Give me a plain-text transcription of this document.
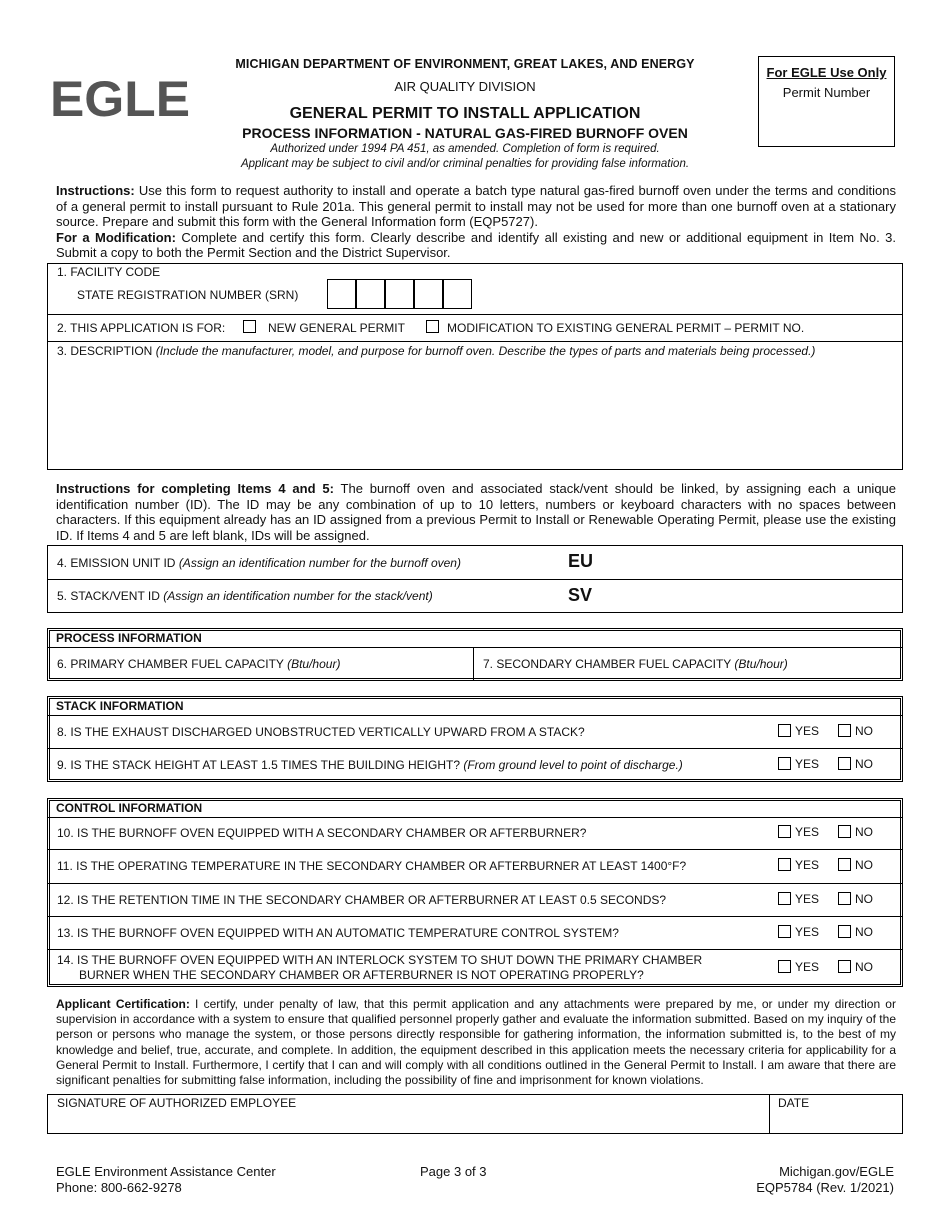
EGLE
MICHIGAN DEPARTMENT OF ENVIRONMENT, GREAT LAKES, AND ENERGY
AIR QUALITY DIVISION
GENERAL PERMIT TO INSTALL APPLICATION
PROCESS INFORMATION - NATURAL GAS-FIRED BURNOFF OVEN
Authorized under 1994 PA 451, as amended. Completion of form is required.
Applicant may be subject to civil and/or criminal penalties for providing false information.
For EGLE Use Only
Permit Number
Instructions: Use this form to request authority to install and operate a batch type natural gas-fired burnoff oven under the terms and conditions of a general permit to install pursuant to Rule 201a. This general permit to install may not be used for more than one burnoff oven at a stationary source. Prepare and submit this form with the General Information form (EQP5727).
For a Modification: Complete and certify this form. Clearly describe and identify all existing and new or additional equipment in Item No. 3. Submit a copy to both the Permit Section and the District Supervisor.
1. FACILITY CODE
STATE REGISTRATION NUMBER (SRN)
2. THIS APPLICATION IS FOR:	NEW GENERAL PERMIT	MODIFICATION TO EXISTING GENERAL PERMIT – PERMIT NO.
3. DESCRIPTION (Include the manufacturer, model, and purpose for burnoff oven. Describe the types of parts and materials being processed.)
Instructions for completing Items 4 and 5: The burnoff oven and associated stack/vent should be linked, by assigning each a unique identification number (ID). The ID may be any combination of up to 10 letters, numbers or keyboard characters with no spaces between characters. If this equipment already has an ID assigned from a previous Permit to Install or Renewable Operating Permit, please use the existing ID. If Items 4 and 5 are left blank, IDs will be assigned.
4. EMISSION UNIT ID (Assign an identification number for the burnoff oven)	EU
5. STACK/VENT ID (Assign an identification number for the stack/vent)	SV
PROCESS INFORMATION
6. PRIMARY CHAMBER FUEL CAPACITY (Btu/hour)	7. SECONDARY CHAMBER FUEL CAPACITY (Btu/hour)
STACK INFORMATION
8. IS THE EXHAUST DISCHARGED UNOBSTRUCTED VERTICALLY UPWARD FROM A STACK?	YES	NO
9. IS THE STACK HEIGHT AT LEAST 1.5 TIMES THE BUILDING HEIGHT? (From ground level to point of discharge.)	YES	NO
CONTROL INFORMATION
10. IS THE BURNOFF OVEN EQUIPPED WITH A SECONDARY CHAMBER OR AFTERBURNER?	YES	NO
11. IS THE OPERATING TEMPERATURE IN THE SECONDARY CHAMBER OR AFTERBURNER AT LEAST 1400°F?	YES	NO
12. IS THE RETENTION TIME IN THE SECONDARY CHAMBER OR AFTERBURNER AT LEAST 0.5 SECONDS?	YES	NO
13. IS THE BURNOFF OVEN EQUIPPED WITH AN AUTOMATIC TEMPERATURE CONTROL SYSTEM?	YES	NO
14. IS THE BURNOFF OVEN EQUIPPED WITH AN INTERLOCK SYSTEM TO SHUT DOWN THE PRIMARY CHAMBER
BURNER WHEN THE SECONDARY CHAMBER OR AFTERBURNER IS NOT OPERATING PROPERLY?
YES	NO
Applicant Certification: I certify, under penalty of law, that this permit application and any attachments were prepared by me, or under my direction or supervision in accordance with a system to ensure that qualified personnel properly gather and evaluate the information submitted. Based on my inquiry of the person or persons who manage the system, or those persons directly responsible for gathering information, the information submitted is, to the best of my knowledge and belief, true, accurate, and complete. In addition, the equipment described in this application meets the necessary criteria for applicability for a General Permit to Install. Furthermore, I certify that I can and will comply with all conditions outlined in the General Permit to Install. I am aware that there are significant penalties for submitting false information, including the possibility of fine and imprisonment for known violations.
SIGNATURE OF AUTHORIZED EMPLOYEE	DATE
EGLE Environment Assistance Center
Phone: 800-662-9278
Page 3 of 3	Michigan.gov/EGLE
EQP5784 (Rev. 1/2021)
